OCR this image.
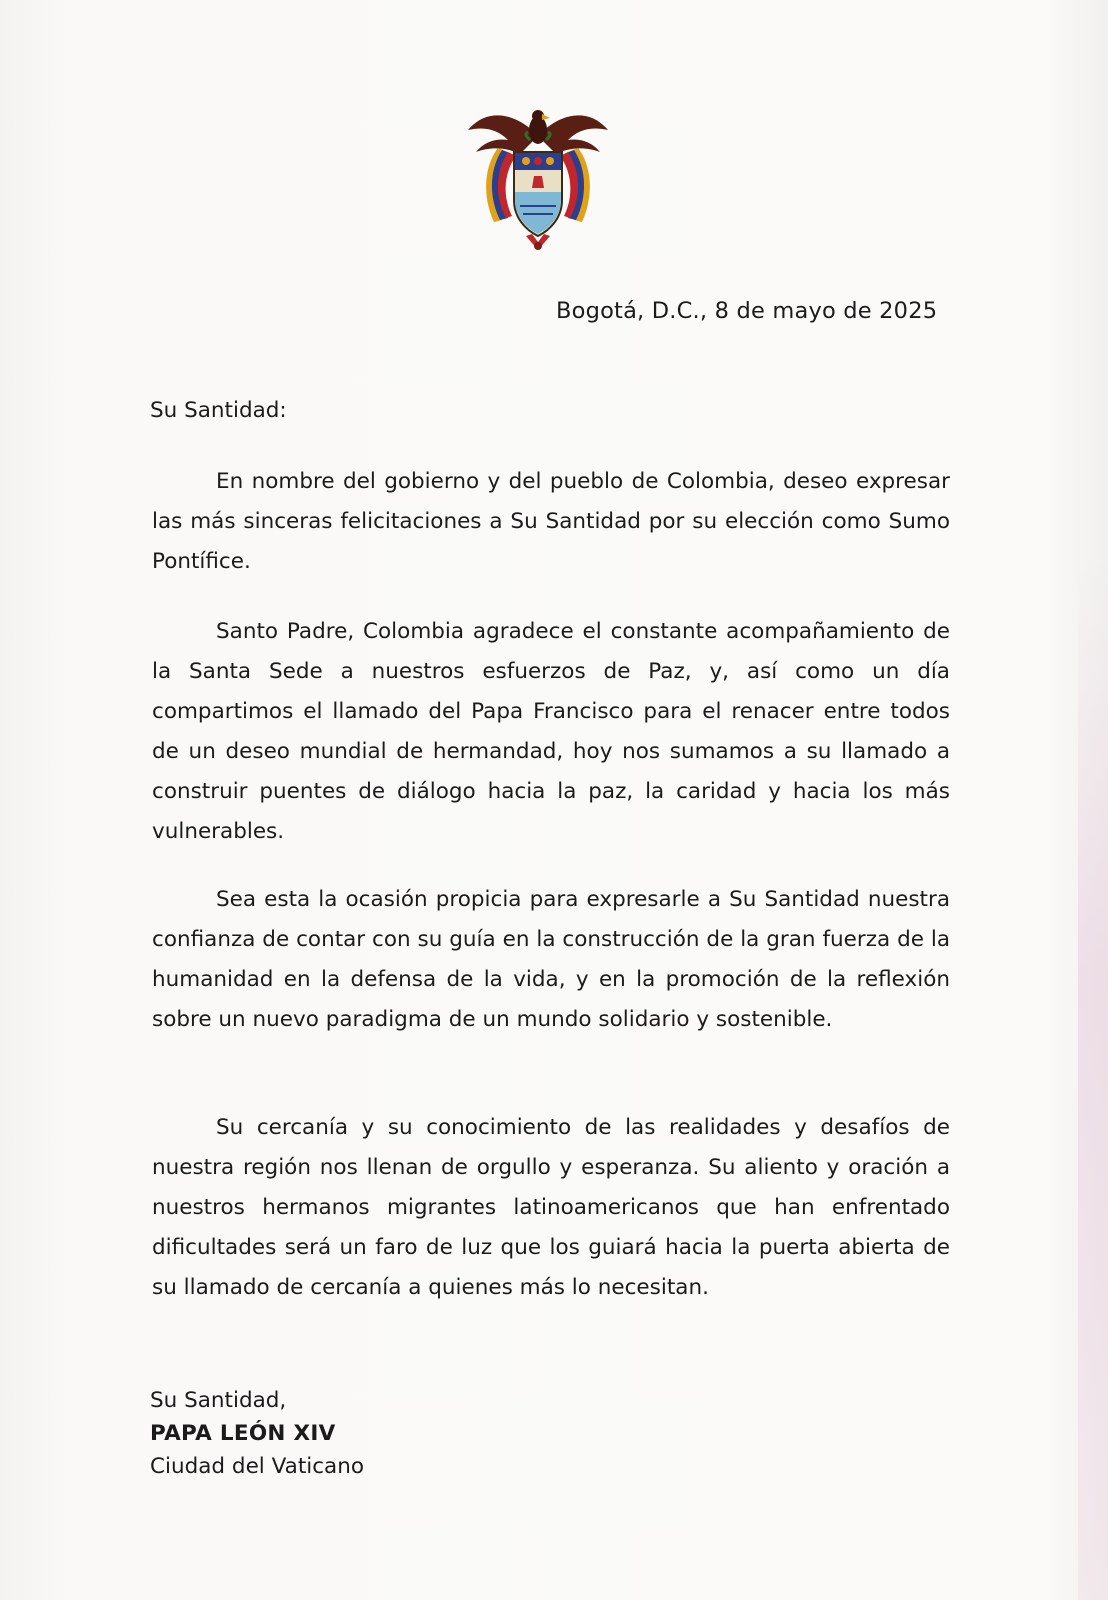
Bogotá, D.C., 8 de mayo de 2025
Su Santidad:

En nombre del gobierno y del pueblo de Colombia, deseo expresar las más sinceras felicitaciones a Su Santidad por su elección como Sumo Pontífice.

Santo Padre, Colombia agradece el constante acompañamiento de la Santa Sede a nuestros esfuerzos de Paz, y, así como un día compartimos el llamado del Papa Francisco para el renacer entre todos de un deseo mundial de hermandad, hoy nos sumamos a su llamado a construir puentes de diálogo hacia la paz, la caridad y hacia los más vulnerables.

Sea esta la ocasión propicia para expresarle a Su Santidad nuestra confianza de contar con su guía en la construcción de la gran fuerza de la humanidad en la defensa de la vida, y en la promoción de la reflexión sobre un nuevo paradigma de un mundo solidario y sostenible.

Su cercanía y su conocimiento de las realidades y desafíos de nuestra región nos llenan de orgullo y esperanza. Su aliento y oración a nuestros hermanos migrantes latinoamericanos que han enfrentado dificultades será un faro de luz que los guiará hacia la puerta abierta de su llamado de cercanía a quienes más lo necesitan.

Su Santidad,
PAPA LEÓN XIV
Ciudad del Vaticano
